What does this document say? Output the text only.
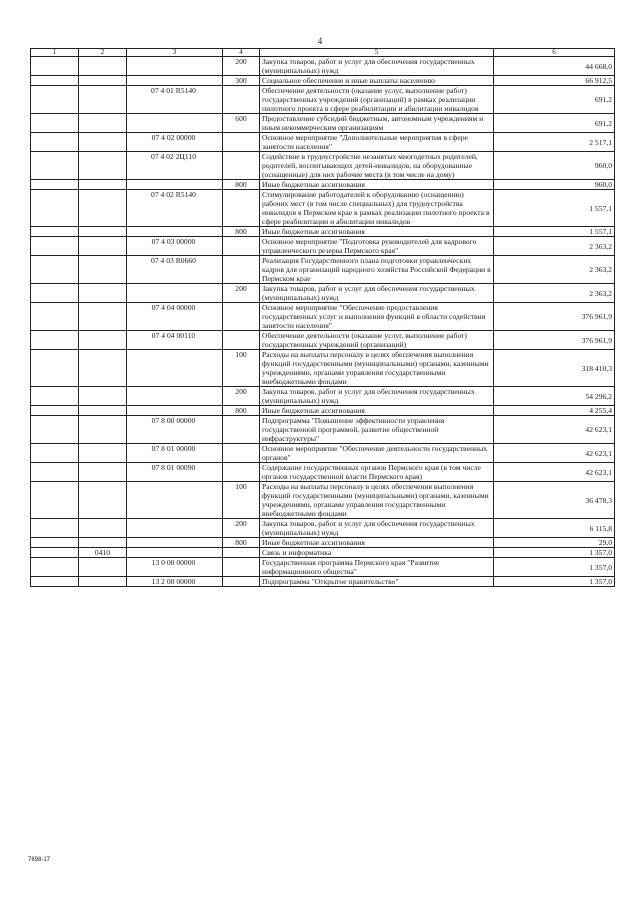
4
1	2	3	4	5	6
			200	Закупка товаров, работ и услуг для обеспечения государственных (муниципальных) нужд	44 668,0
			300	Социальное обеспечение и иные выплаты населению	66 912,5
		07 4 01 R5140		Обеспечение деятельности (оказание услуг, выполнение работ) государственных учреждений (организаций) в рамках реализации пилотного проекта в сфере реабилитации и абилитации инвалидов	691,2
			600	Предоставление субсидий бюджетным, автономным учреждениям и иным некоммерческим организациям	691,2
		07 4 02 00000		Основное мероприятие "Дополнительные мероприятия в сфере занятости населения"	2 517,1
		07 4 02 2Ц110		Содействие в трудоустройстве незанятых многодетных родителей, родителей, воспитывающих детей-инвалидов, на оборудованные (оснащенные) для них рабочие места (в том числе на дому)	960,0
			800	Иные бюджетные ассигнования	960,0
		07 4 02 R5140		Стимулирование работодателей к оборудованию (оснащению) рабочих мест (в том числе специальных) для трудоустройства инвалидов в Пермском крае в рамках реализации пилотного проекта в сфере реабилитации и абилитации инвалидов	1 557,1
			800	Иные бюджетные ассигнования	1 557,1
		07 4 03 00000		Основное мероприятие "Подготовка руководителей для кадрового управленческого резерва Пермского края"	2 363,2
		07 4 03 R0660		Реализация Государственного плана подготовки управленческих кадров для организаций народного хозяйства Российской Федерации в Пермском крае	2 363,2
			200	Закупка товаров, работ и услуг для обеспечения государственных (муниципальных) нужд	2 363,2
		07 4 04 00000		Основное мероприятие "Обеспечение предоставления государственных услуг и выполнения функций в области содействия занятости населения"	376 961,9
		07 4 04 00110		Обеспечение деятельности (оказание услуг, выполнение работ) государственных учреждений (организаций)	376 961,9
			100	Расходы на выплаты персоналу в целях обеспечения выполнения функций государственными (муниципальными) органами, казенными учреждениями, органами управления государственными внебюджетными фондами	318 410,3
			200	Закупка товаров, работ и услуг для обеспечения государственных (муниципальных) нужд	54 296,2
			800	Иные бюджетные ассигнования	4 255,4
		07 8 00 00000		Подпрограмма "Повышение эффективности управления государственной программой, развитие общественной инфраструктуры"	42 623,1
		07 8 01 00000		Основное мероприятие "Обеспечение деятельности государственных органов"	42 623,1
		07 8 01 00090		Содержание государственных органов Пермского края (в том числе органов государственной власти Пермского края)	42 623,1
			100	Расходы на выплаты персоналу в целях обеспечения выполнения функций государственными (муниципальными) органами, казенными учреждениями, органами управления государственными внебюджетными фондами	36 478,3
			200	Закупка товаров, работ и услуг для обеспечения государственных (муниципальных) нужд	6 115,8
			800	Иные бюджетные ассигнования	29,0
	0410			Связь и информатика	1 357,0
		13 0 00 00000		Государственная программа Пермского края "Развитие информационного общества"	1 357,0
		13 2 00 00000		Подпрограмма "Открытое правительство"	1 357,0
7698-17
